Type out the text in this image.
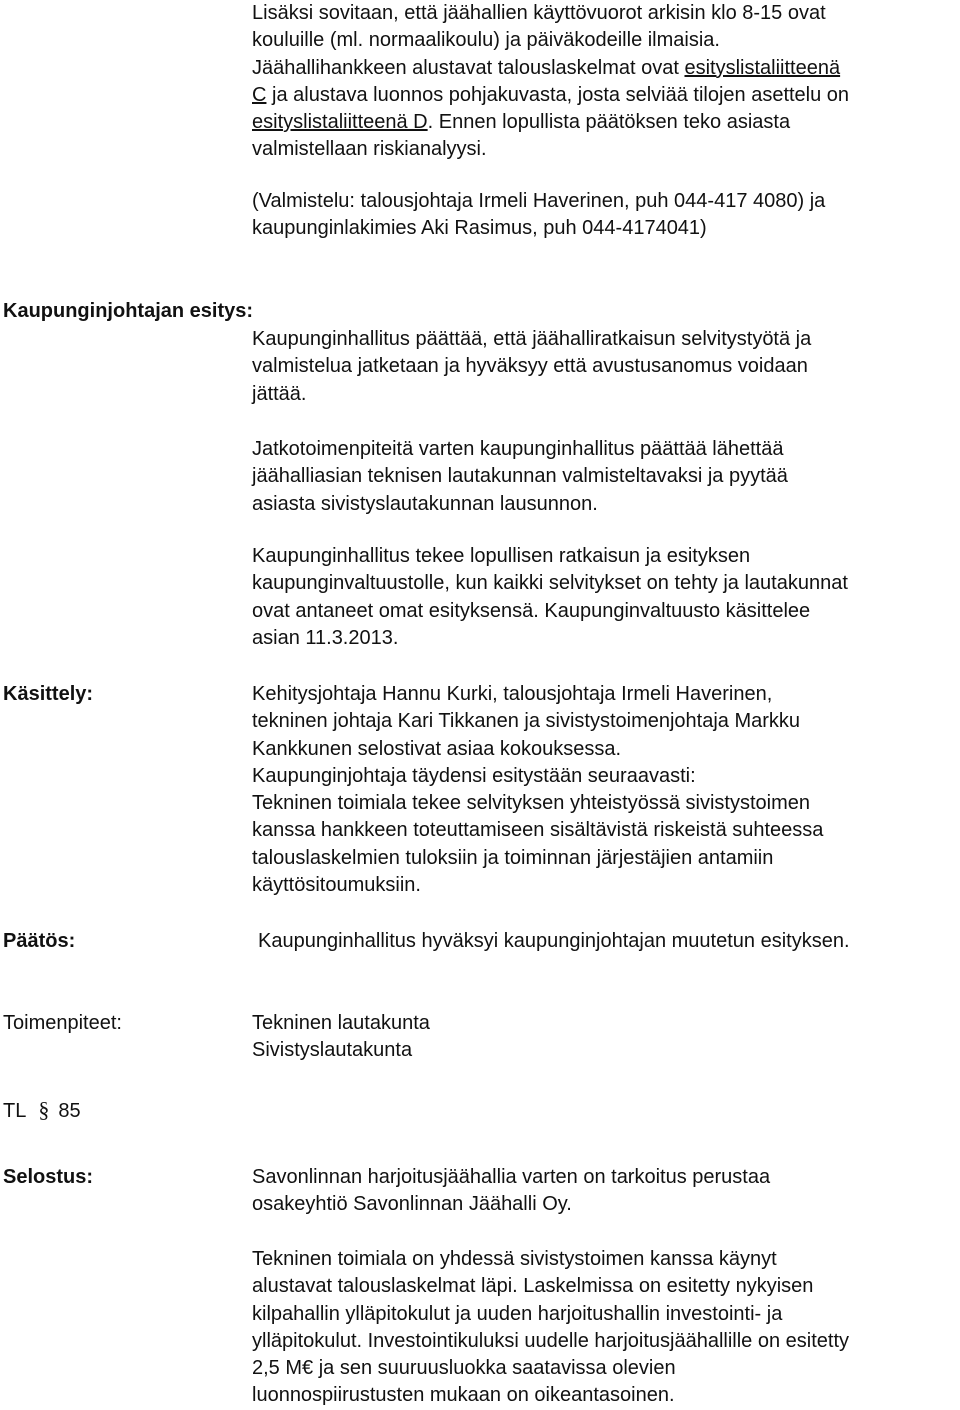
Lisäksi sovitaan, että jäähallien käyttövuorot arkisin klo 8-15 ovat
kouluille (ml. normaalikoulu) ja päiväkodeille ilmaisia.
Jäähallihankkeen alustavat talouslaskelmat ovat esityslistaliitteenä
C ja alustava luonnos pohjakuvasta, josta selviää tilojen asettelu on
esityslistaliitteenä D. Ennen lopullista päätöksen teko asiasta
valmistellaan riskianalyysi.
(Valmistelu: talousjohtaja Irmeli Haverinen, puh 044-417 4080) ja
kaupunginlakimies Aki Rasimus, puh 044-4174041)

Kaupunginjohtajan esitys:

Kaupunginhallitus päättää, että jäähalliratkaisun selvitystyötä ja
valmistelua jatketaan ja hyväksyy että avustusanomus voidaan
jättää.
Jatkotoimenpiteitä varten kaupunginhallitus päättää lähettää
jäähalliasian teknisen lautakunnan valmisteltavaksi ja pyytää
asiasta sivistyslautakunnan lausunnon.
Kaupunginhallitus tekee lopullisen ratkaisun ja esityksen
kaupunginvaltuustolle, kun kaikki selvitykset on tehty ja lautakunnat
ovat antaneet omat esityksensä. Kaupunginvaltuusto käsittelee
asian 11.3.2013.

Käsittely:	Kehitysjohtaja Hannu Kurki, talousjohtaja Irmeli Haverinen,
tekninen johtaja Kari Tikkanen ja sivistystoimenjohtaja Markku
Kankkunen selostivat asiaa kokouksessa.
Kaupunginjohtaja täydensi esitystään seuraavasti:
Tekninen toimiala tekee selvityksen yhteistyössä sivistystoimen
kanssa hankkeen toteuttamiseen sisältävistä riskeistä suhteessa
talouslaskelmien tuloksiin ja toiminnan järjestäjien antamiin
käyttösitoumuksiin.

Päätös:	Kaupunginhallitus hyväksyi kaupunginjohtajan muutetun esityksen.

Toimenpiteet:	Tekninen lautakunta
Sivistyslautakunta

TL § 85

Selostus:	Savonlinnan harjoitusjäähallia varten on tarkoitus perustaa
osakeyhtiö Savonlinnan Jäähalli Oy.
Tekninen toimiala on yhdessä sivistystoimen kanssa käynyt
alustavat talouslaskelmat läpi. Laskelmissa on esitetty nykyisen
kilpahallin ylläpitokulut ja uuden harjoitushallin investointi- ja
ylläpitokulut. Investointikuluksi uudelle harjoitusjäähallille on esitetty
2,5 M€ ja sen suuruusluokka saatavissa olevien
luonnospiirustusten mukaan on oikeantasoinen.
